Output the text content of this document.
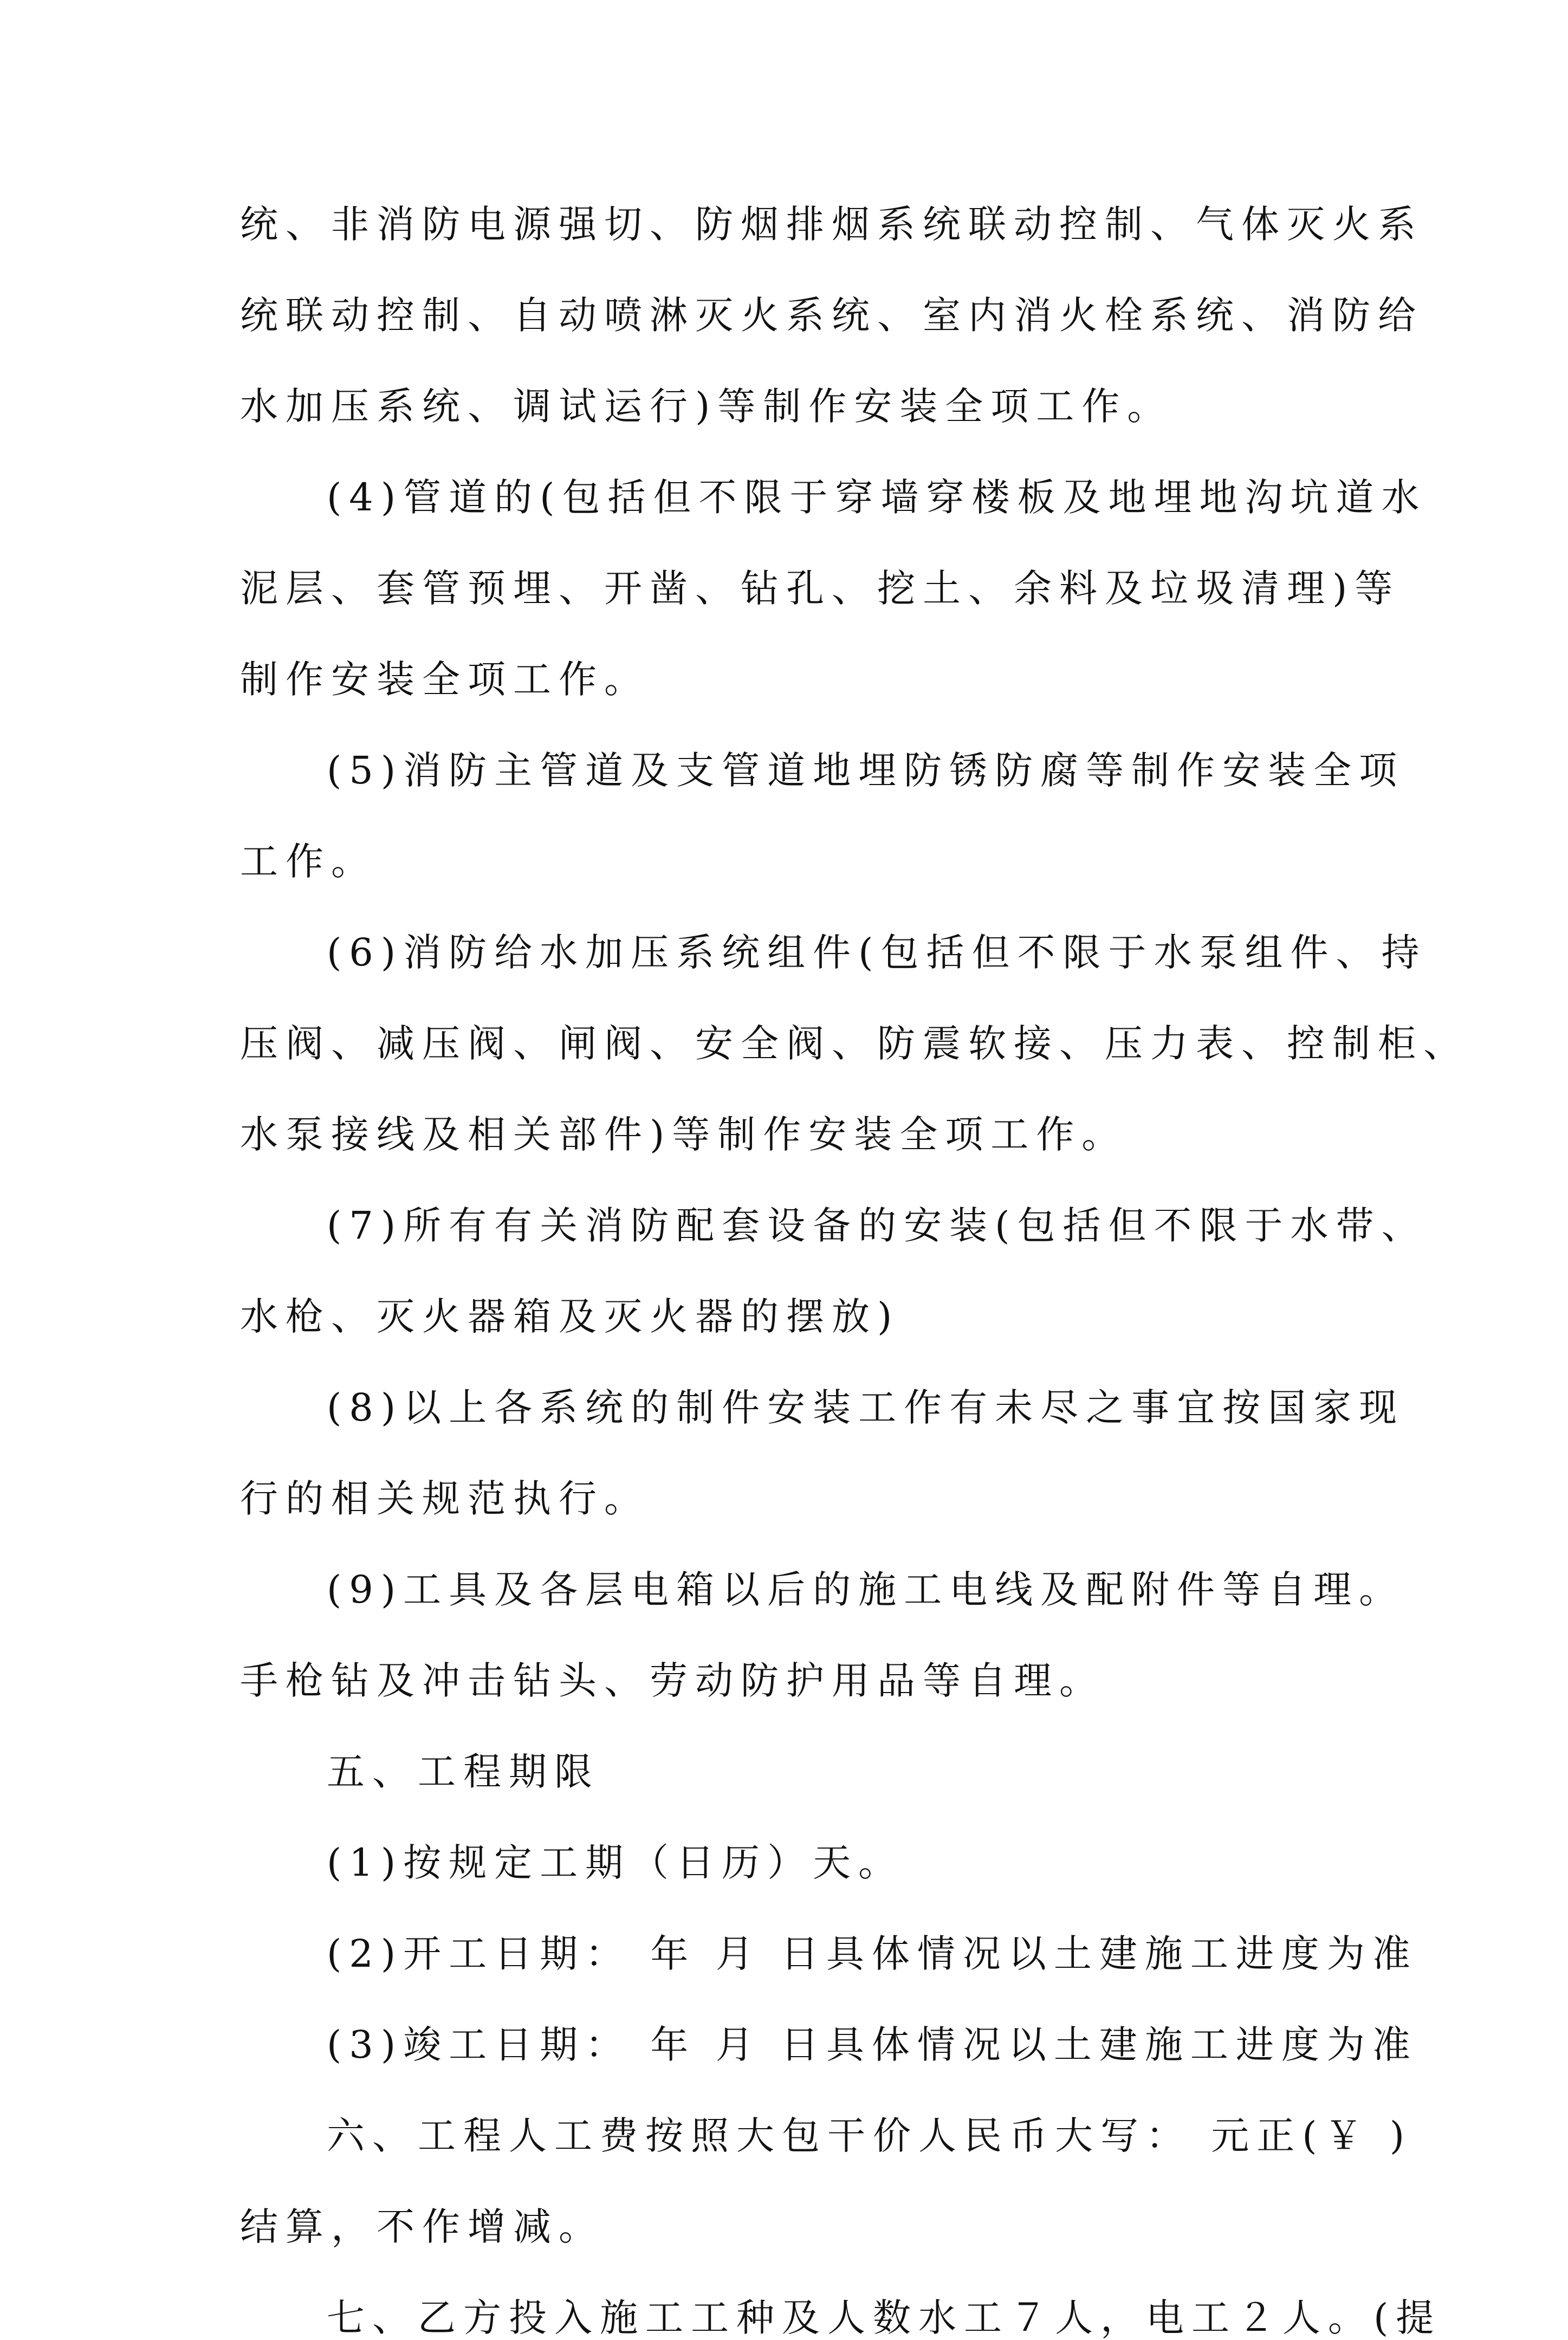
统、非消防电源强切、防烟排烟系统联动控制、气体灭火系
统联动控制、自动喷淋灭火系统、室内消火栓系统、消防给
水加压系统、调试运行)等制作安装全项工作。
(4)管道的(包括但不限于穿墙穿楼板及地埋地沟坑道水
泥层、套管预埋、开凿、钻孔、挖土、余料及垃圾清理)等
制作安装全项工作。
(5)消防主管道及支管道地埋防锈防腐等制作安装全项
工作。
(6)消防给水加压系统组件(包括但不限于水泵组件、持
压阀、减压阀、闸阀、安全阀、防震软接、压力表、控制柜、
水泵接线及相关部件)等制作安装全项工作。
(7)所有有关消防配套设备的安装(包括但不限于水带、
水枪、灭火器箱及灭火器的摆放)
(8)以上各系统的制件安装工作有未尽之事宜按国家现
行的相关规范执行。
(9)工具及各层电箱以后的施工电线及配附件等自理。
手枪钻及冲击钻头、劳动防护用品等自理。
五、工程期限
(1)按规定工期（日历）天。
(2)开工日期： 年 月 日具体情况以土建施工进度为准
(3)竣工日期： 年 月 日具体情况以土建施工进度为准
六、工程人工费按照大包干价人民币大写： 元正(￥ )
结算，不作增减。
七、乙方投入施工工种及人数水工７人，电工２人。(提
